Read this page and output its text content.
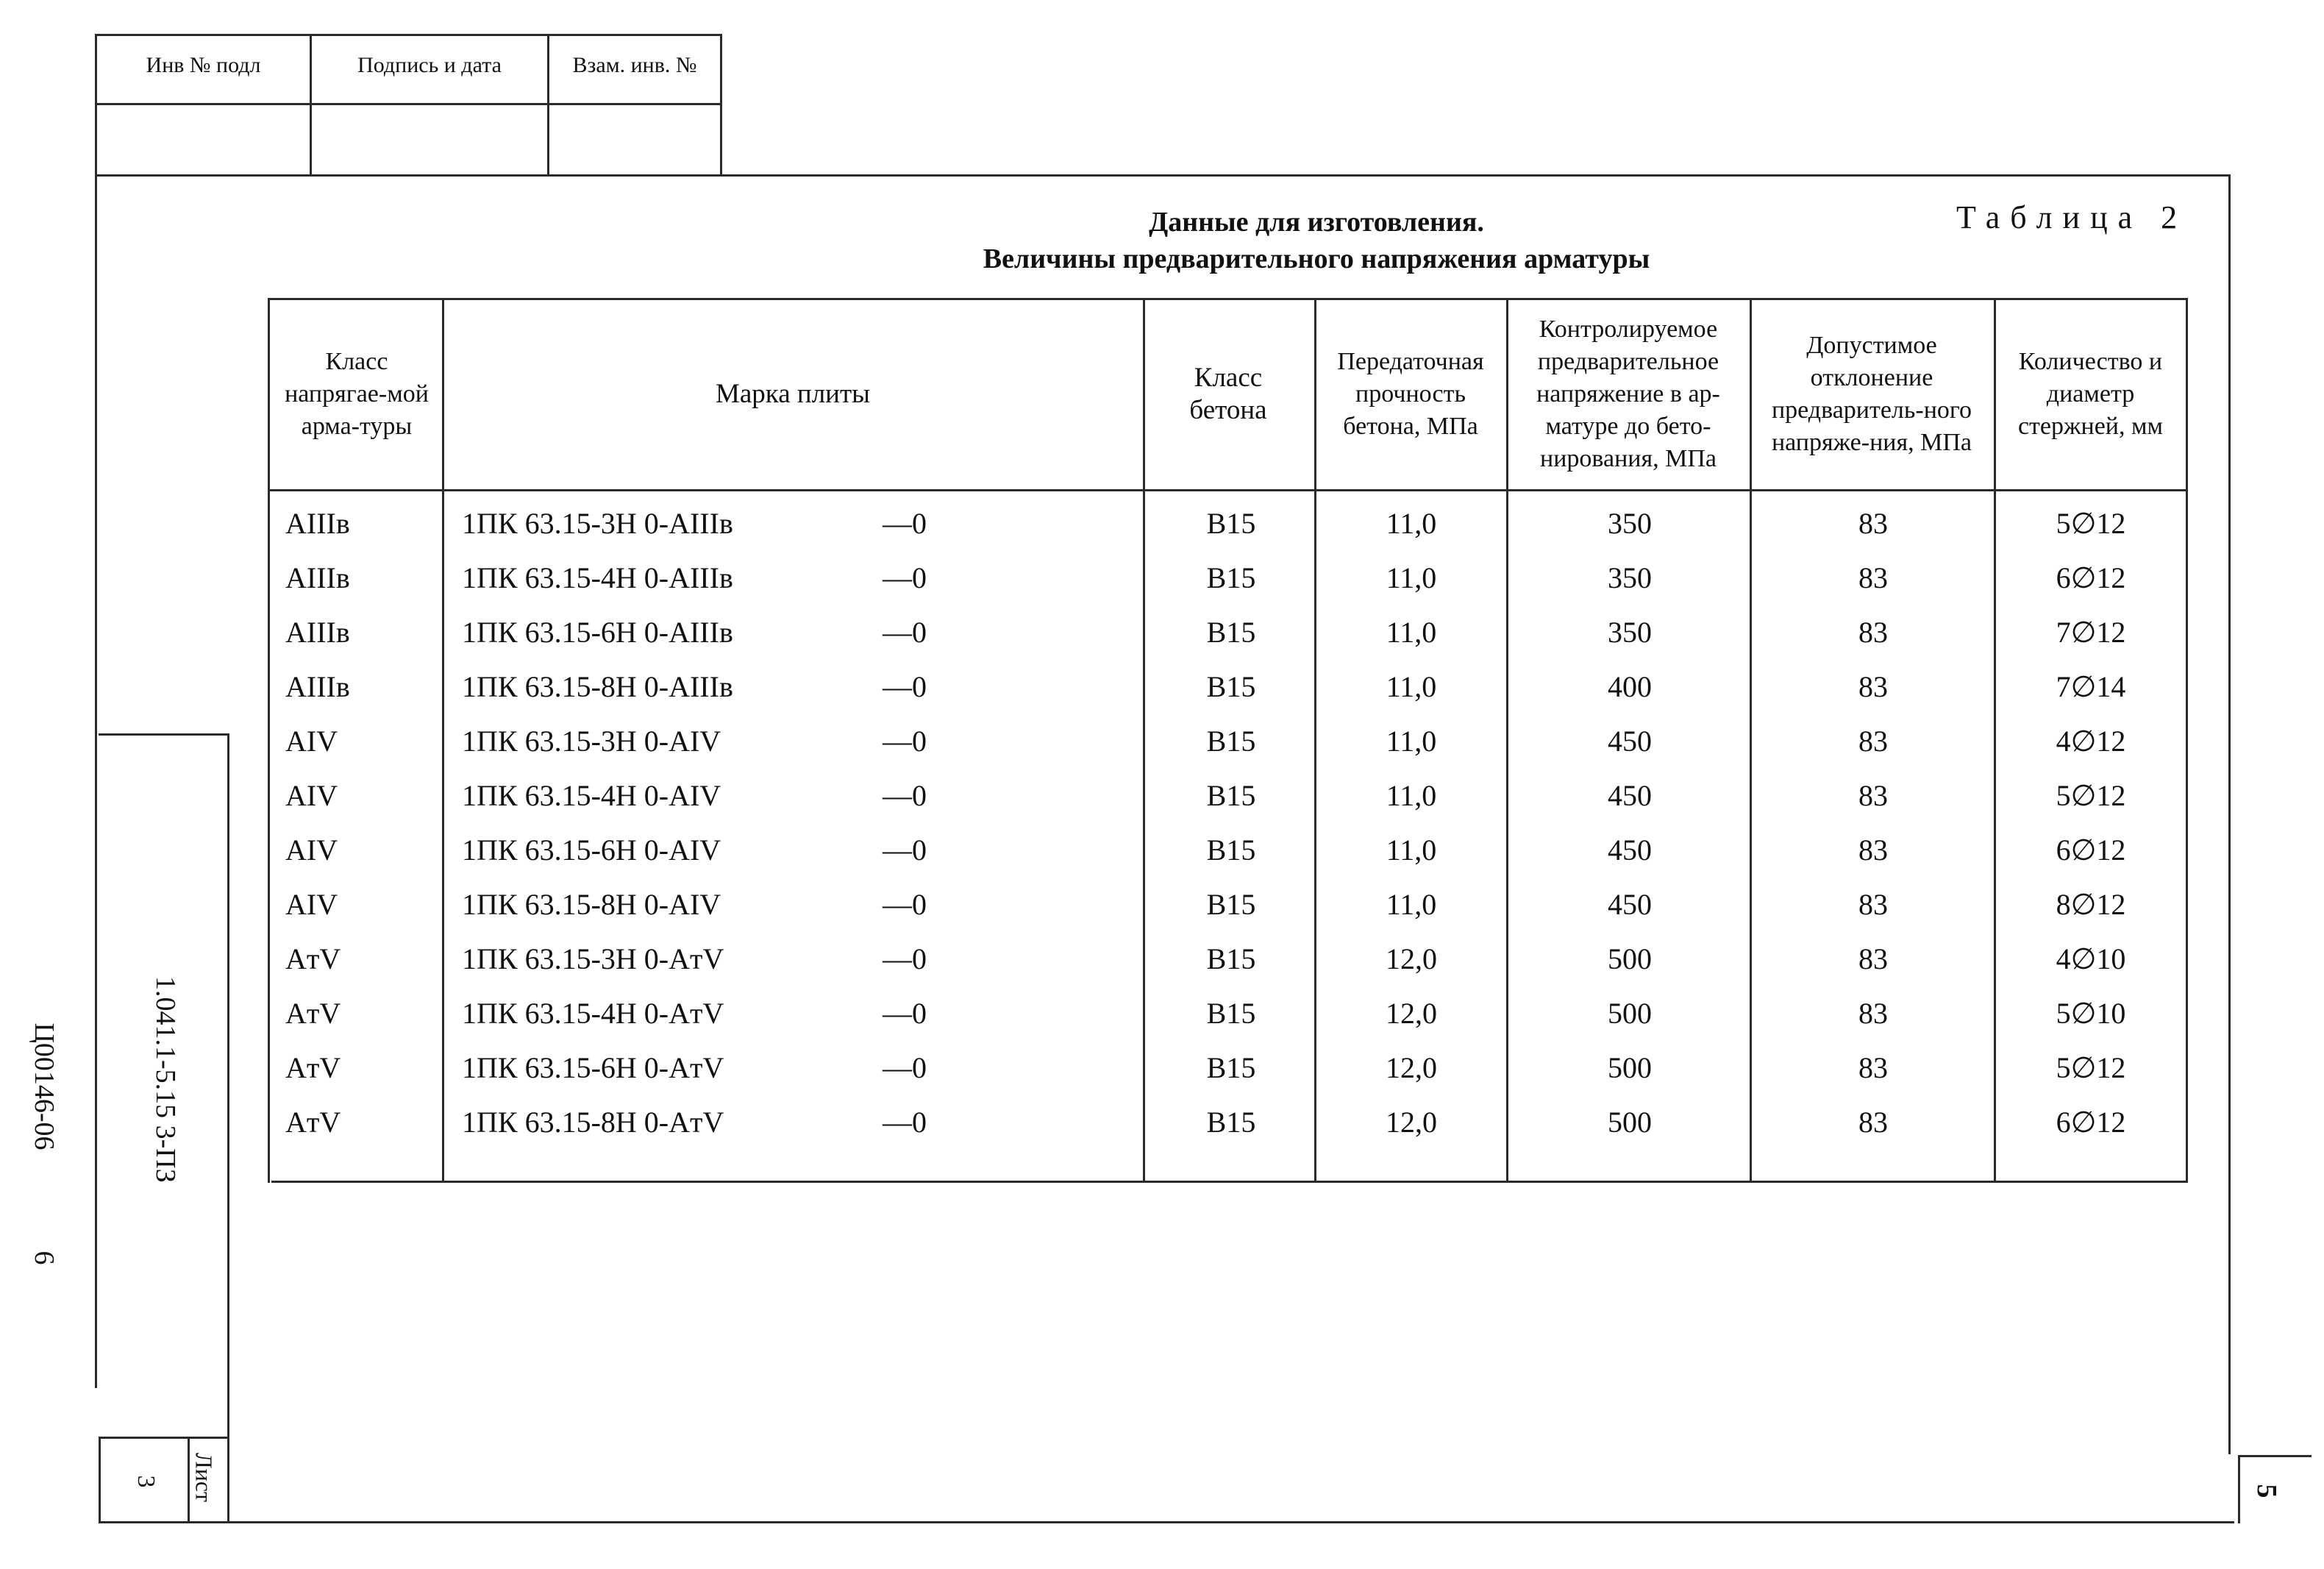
Инв № подл	Подпись и дата	Взам. инв. №
Данные для изготовления.
Величины предварительного напряжения арматуры
Таблица 2
Класс напрягае-мой арма-туры
Марка плиты
Класс бетона
Передаточная прочность бетона, МПа
Контролируемое предварительное напряжение в ар-матуре до бето-нирования, МПа
Допустимое отклонение предваритель-ного напряже-ния, МПа
Количество и диаметр стержней, мм
AIIIв	1ПК 63.15-3Н 0-AIIIв	—0	B15	11,0	350	83	5∅12
AIIIв	1ПК 63.15-4Н 0-AIIIв	—0	B15	11,0	350	83	6∅12
AIIIв	1ПК 63.15-6Н 0-AIIIв	—0	B15	11,0	350	83	7∅12
AIIIв	1ПК 63.15-8Н 0-AIIIв	—0	B15	11,0	400	83	7∅14
AIV	1ПК 63.15-3Н 0-AIV	—0	B15	11,0	450	83	4∅12
AIV	1ПК 63.15-4Н 0-AIV	—0	B15	11,0	450	83	5∅12
AIV	1ПК 63.15-6Н 0-AIV	—0	B15	11,0	450	83	6∅12
AIV	1ПК 63.15-8Н 0-AIV	—0	B15	11,0	450	83	8∅12
AтV	1ПК 63.15-3Н 0-AтV	—0	B15	12,0	500	83	4∅10
AтV	1ПК 63.15-4Н 0-AтV	—0	B15	12,0	500	83	5∅10
AтV	1ПК 63.15-6Н 0-AтV	—0	B15	12,0	500	83	5∅12
AтV	1ПК 63.15-8Н 0-AтV	—0	B15	12,0	500	83	6∅12
1.041.1-5.15 3-ПЗ
Ц00146-06
6
Лист
3
5
